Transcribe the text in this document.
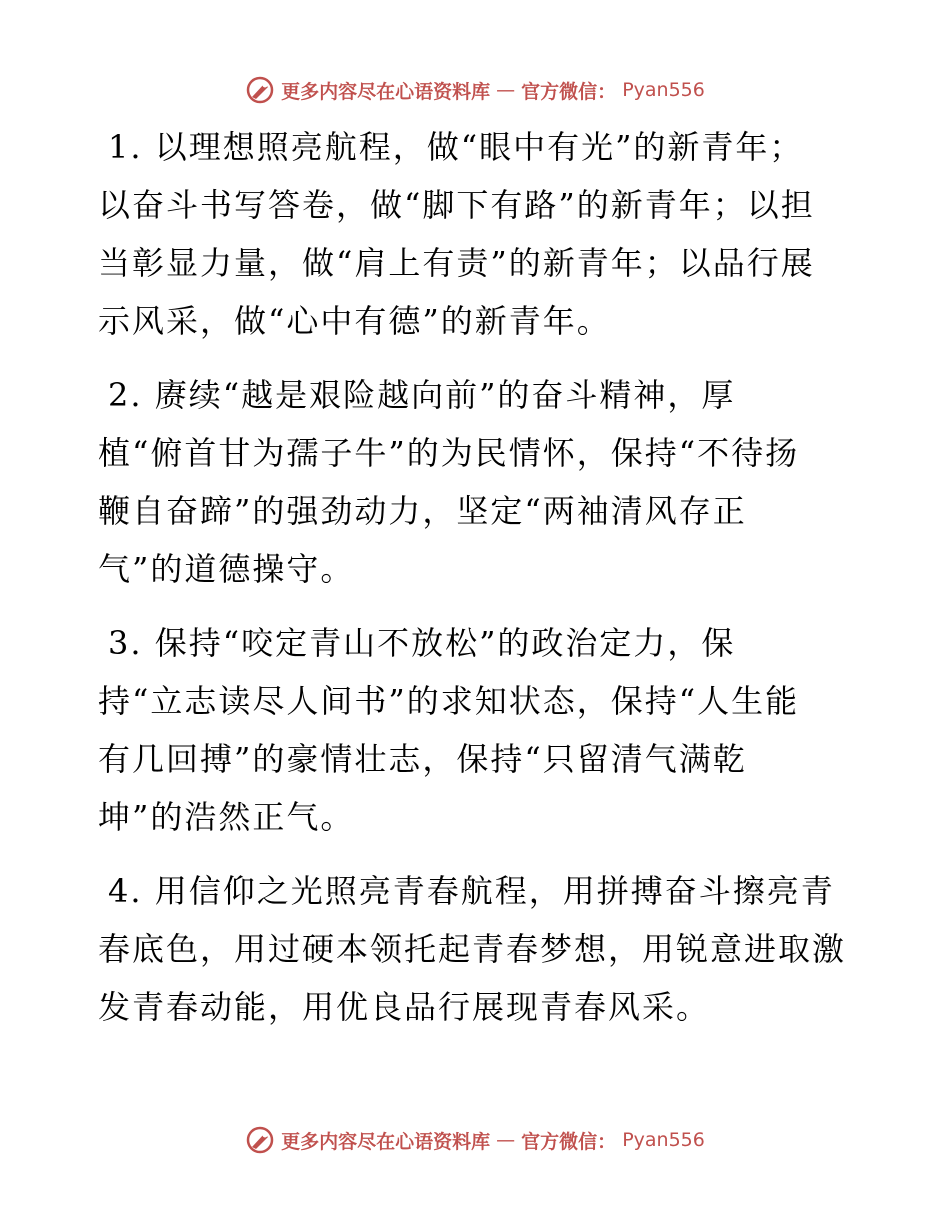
更多内容尽在心语资料库 — 官方微信： Pyan556

1. 以理想照亮航程，做“眼中有光”的新青年；
以奋斗书写答卷，做“脚下有路”的新青年；以担
当彰显力量，做“肩上有责”的新青年；以品行展
示风采，做“心中有德”的新青年。

2. 赓续“越是艰险越向前”的奋斗精神，厚
植“俯首甘为孺子牛”的为民情怀，保持“不待扬
鞭自奋蹄”的强劲动力，坚定“两袖清风存正
气”的道德操守。

3. 保持“咬定青山不放松”的政治定力，保
持“立志读尽人间书”的求知状态，保持“人生能
有几回搏”的豪情壮志，保持“只留清气满乾
坤”的浩然正气。

4. 用信仰之光照亮青春航程，用拼搏奋斗擦亮青
春底色，用过硬本领托起青春梦想，用锐意进取激
发青春动能，用优良品行展现青春风采。

更多内容尽在心语资料库 — 官方微信： Pyan556
